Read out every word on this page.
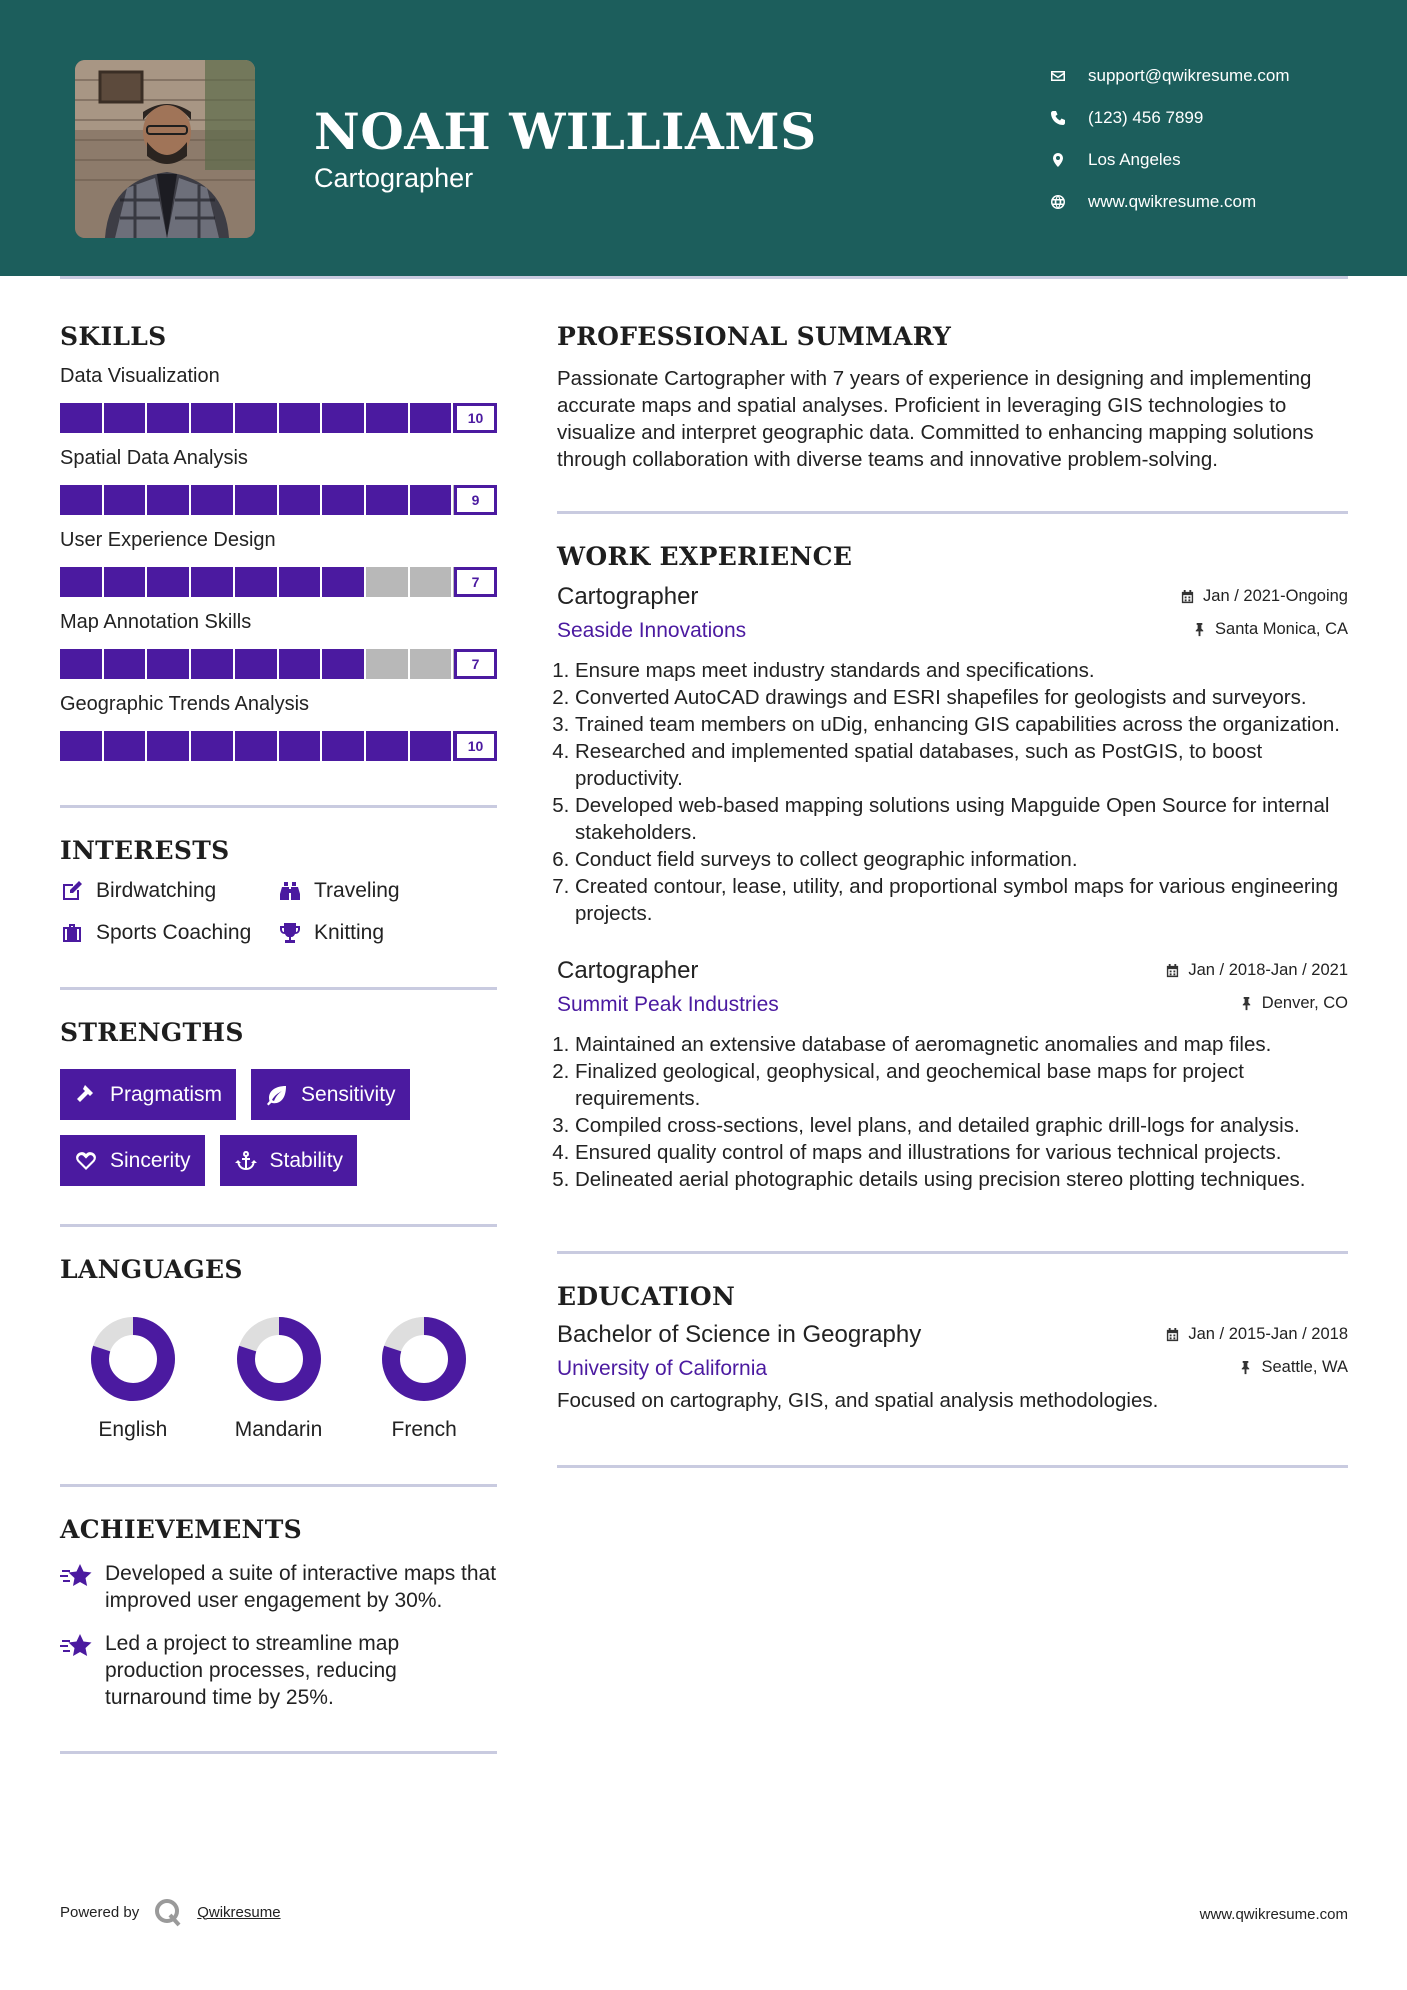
NOAH WILLIAMS
Cartographer
support@qwikresume.com
(123) 456 7899
Los Angeles
www.qwikresume.com
SKILLS
Data Visualization
10
Spatial Data Analysis
9
User Experience Design
7
Map Annotation Skills
7
Geographic Trends Analysis
10
INTERESTS
Birdwatching	Traveling
Sports Coaching	Knitting
STRENGTHS
Pragmatism	Sensitivity
Sincerity	Stability
LANGUAGES
English	Mandarin	French
ACHIEVEMENTS
Developed a suite of interactive maps that improved user engagement by 30%.
Led a project to streamline map production processes, reducing turnaround time by 25%.
PROFESSIONAL SUMMARY

Passionate Cartographer with 7 years of experience in designing and implementing accurate maps and spatial analyses. Proficient in leveraging GIS technologies to visualize and interpret geographic data. Committed to enhancing mapping solutions through collaboration with diverse teams and innovative problem-solving.

WORK EXPERIENCE
Cartographer	Jan / 2021-Ongoing
Seaside Innovations	Santa Monica, CA
1. Ensure maps meet industry standards and specifications.
2. Converted AutoCAD drawings and ESRI shapefiles for geologists and surveyors.
3. Trained team members on uDig, enhancing GIS capabilities across the organization.
4. Researched and implemented spatial databases, such as PostGIS, to boost productivity.
5. Developed web-based mapping solutions using Mapguide Open Source for internal stakeholders.
6. Conduct field surveys to collect geographic information.
7. Created contour, lease, utility, and proportional symbol maps for various engineering projects.
Cartographer	Jan / 2018-Jan / 2021
Summit Peak Industries	Denver, CO
1. Maintained an extensive database of aeromagnetic anomalies and map files.
2. Finalized geological, geophysical, and geochemical base maps for project requirements.
3. Compiled cross-sections, level plans, and detailed graphic drill-logs for analysis.
4. Ensured quality control of maps and illustrations for various technical projects.
5. Delineated aerial photographic details using precision stereo plotting techniques.
EDUCATION
Bachelor of Science in Geography	Jan / 2015-Jan / 2018
University of California	Seattle, WA

Focused on cartography, GIS, and spatial analysis methodologies.

Powered by	Qwikresume	www.qwikresume.com
